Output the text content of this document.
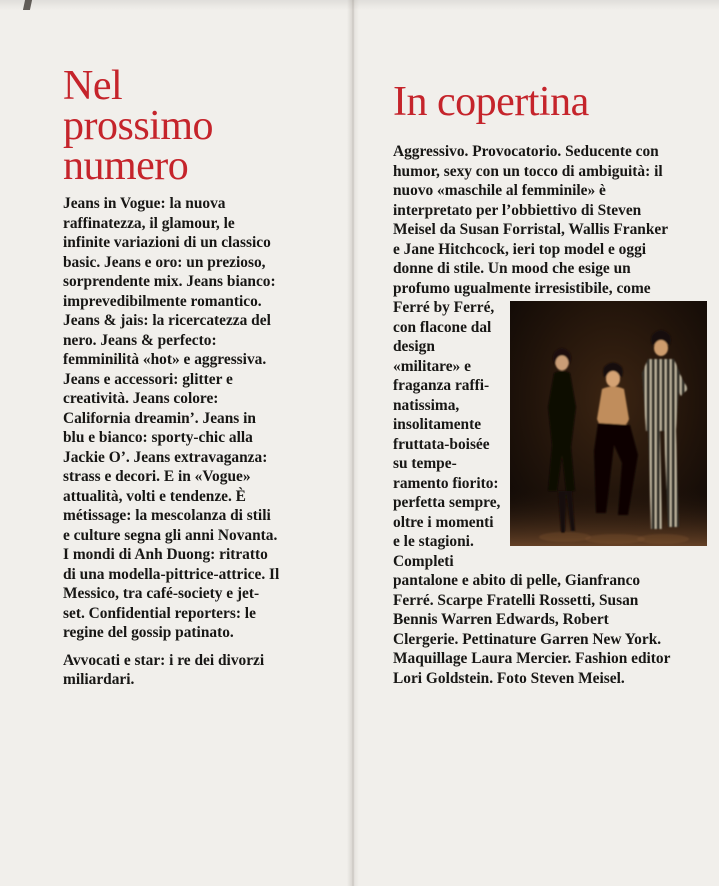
Nel prossimo numero

Jeans in Vogue: la nuova raffinatezza, il glamour, le infinite variazioni di un classico basic. Jeans e oro: un prezioso, sorprendente mix. Jeans bianco: imprevedibilmente romantico. Jeans & jais: la ricercatezza del nero. Jeans & perfecto: femminilità «hot» e aggressiva. Jeans e accessori: glitter e creatività. Jeans colore: California dreamin’. Jeans in blu e bianco: sporty-chic alla Jackie O’. Jeans extravaganza: strass e decori. E in «Vogue» attualità, volti e tendenze. È métissage: la mescolanza di stili e culture segna gli anni Novanta. I mondi di Anh Duong: ritratto di una modella-pittrice-attrice. Il Messico, tra café-society e jet-set. Confidential reporters: le regine del gossip patinato.

Avvocati e star: i re dei divorzi miliardari.

In copertina

Aggressivo. Provocatorio. Seducente con humor, sexy con un tocco di ambiguità: il nuovo «maschile al femminile» è interpretato per l’obbiettivo di Steven Meisel da Susan Forristal, Wallis Franker e Jane Hitchcock, ieri top model e oggi donne di stile. Un mood che esige un profumo ugualmente irresistibile, come
Ferré by Ferré, con flacone dal design «militare» e fraganza raffinatissima, insolitamente fruttata-boisée su temperamento fiorito: perfetta sempre, oltre i momenti e le stagioni. Completi pantalone e abito di pelle, Gianfranco Ferré. Scarpe Fratelli Rossetti, Susan Bennis Warren Edwards, Robert Clergerie. Pettinature Garren New York. Maquillage Laura Mercier. Fashion editor Lori Goldstein. Foto Steven Meisel.
